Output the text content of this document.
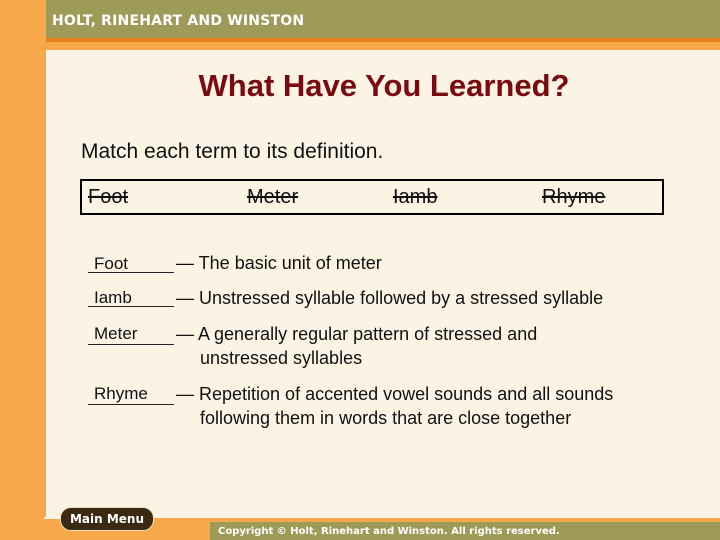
HOLT, RINEHART AND WINSTON
What Have You Learned?
Match each term to its definition.
Foot	Meter	Iamb	Rhyme
Foot	— The basic unit of meter
Iamb — Unstressed syllable followed by a stressed syllable
Meter — A generally regular pattern of stressed and
unstressed syllables
Rhyme — Repetition of accented vowel sounds and all sounds
following them in words that are close together
Main Menu
Copyright © Holt, Rinehart and Winston. All rights reserved.
